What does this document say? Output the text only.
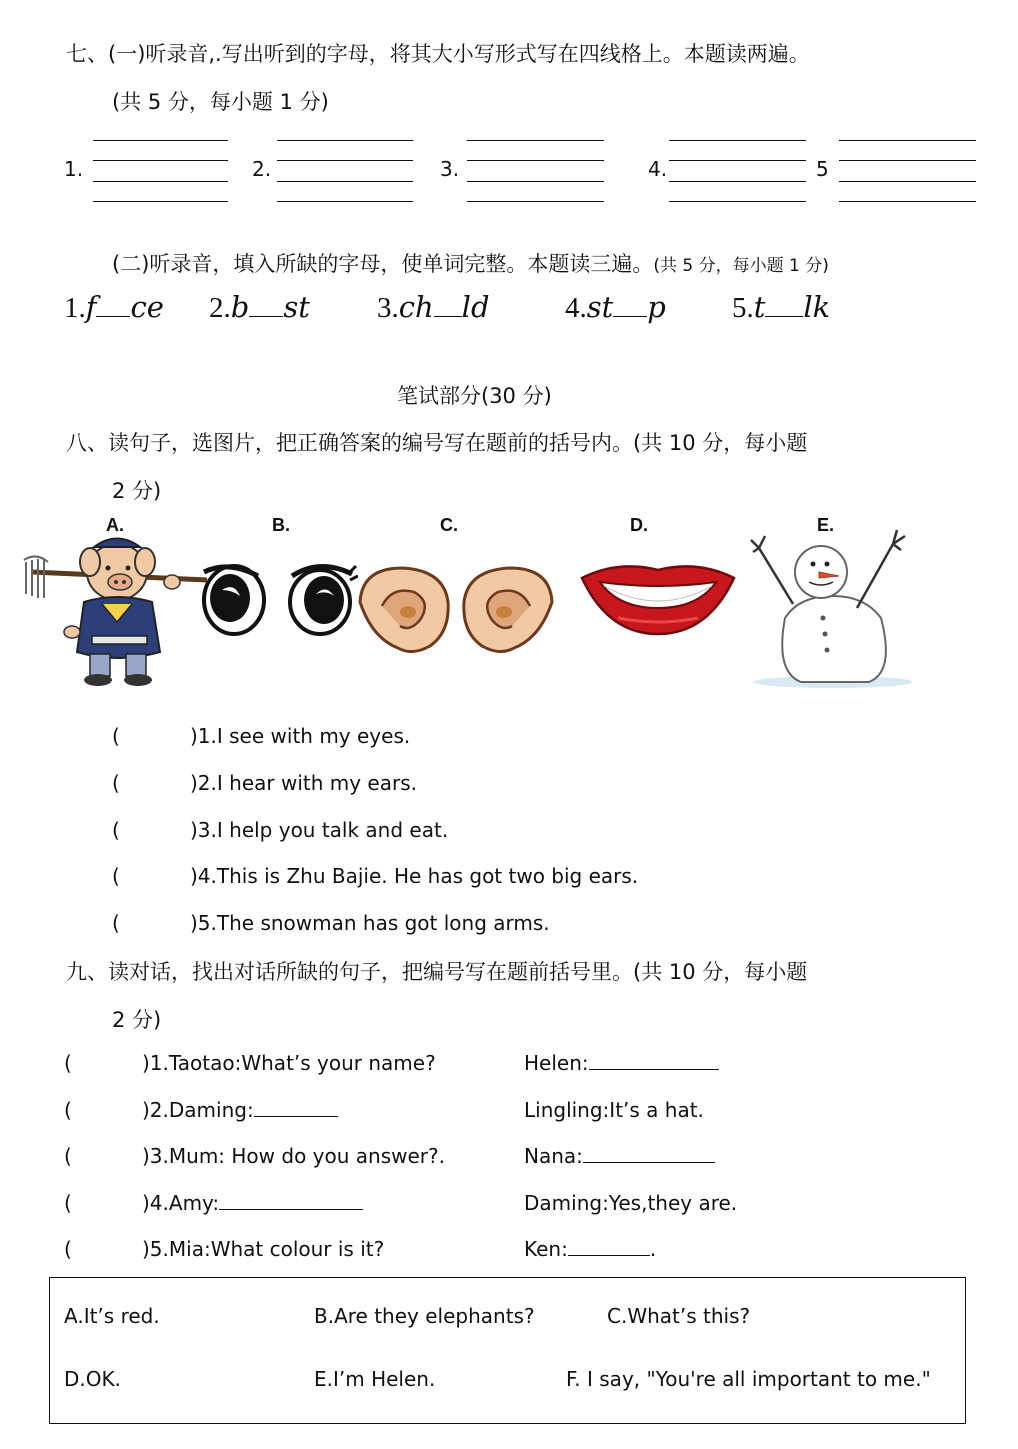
七、(一)听录音,.写出听到的字母，将其大小写形式写在四线格上。本题读两遍。
(共 5 分，每小题 1 分)
1.	2.	3.	4.	5
(二)听录音，填入所缺的字母，使单词完整。本题读三遍。(共 5 分，每小题 1 分)
1.f ce 2.b st 3.ch ld	4.st p 5.t lk
笔试部分(30 分)
八、读句子，选图片，把正确答案的编号写在题前的括号内。(共 10 分，每小题
2 分)
A.	B.	C.	D.	E.
(	)1.I see with my eyes.
(	)2.I hear with my ears.
(	)3.I help you talk and eat.
(	)4.This is Zhu Bajie. He has got two big ears.
(	)5.The snowman has got long arms.
九、读对话，找出对话所缺的句子，把编号写在题前括号里。(共 10 分，每小题
2 分)
(	)1.Taotao:What’s your name?	Helen:
(	)2.Daming:	Lingling:It’s a hat.
(	)3.Mum: How do you answer?.	Nana:
(	)4.Amy:	Daming:Yes,they are.
(	)5.Mia:What colour is it?	Ken:	.
A.It’s red.	B.Are they elephants?	C.What’s this?
D.OK.	E.I’m Helen.	F. I say, "You're all important to me."
